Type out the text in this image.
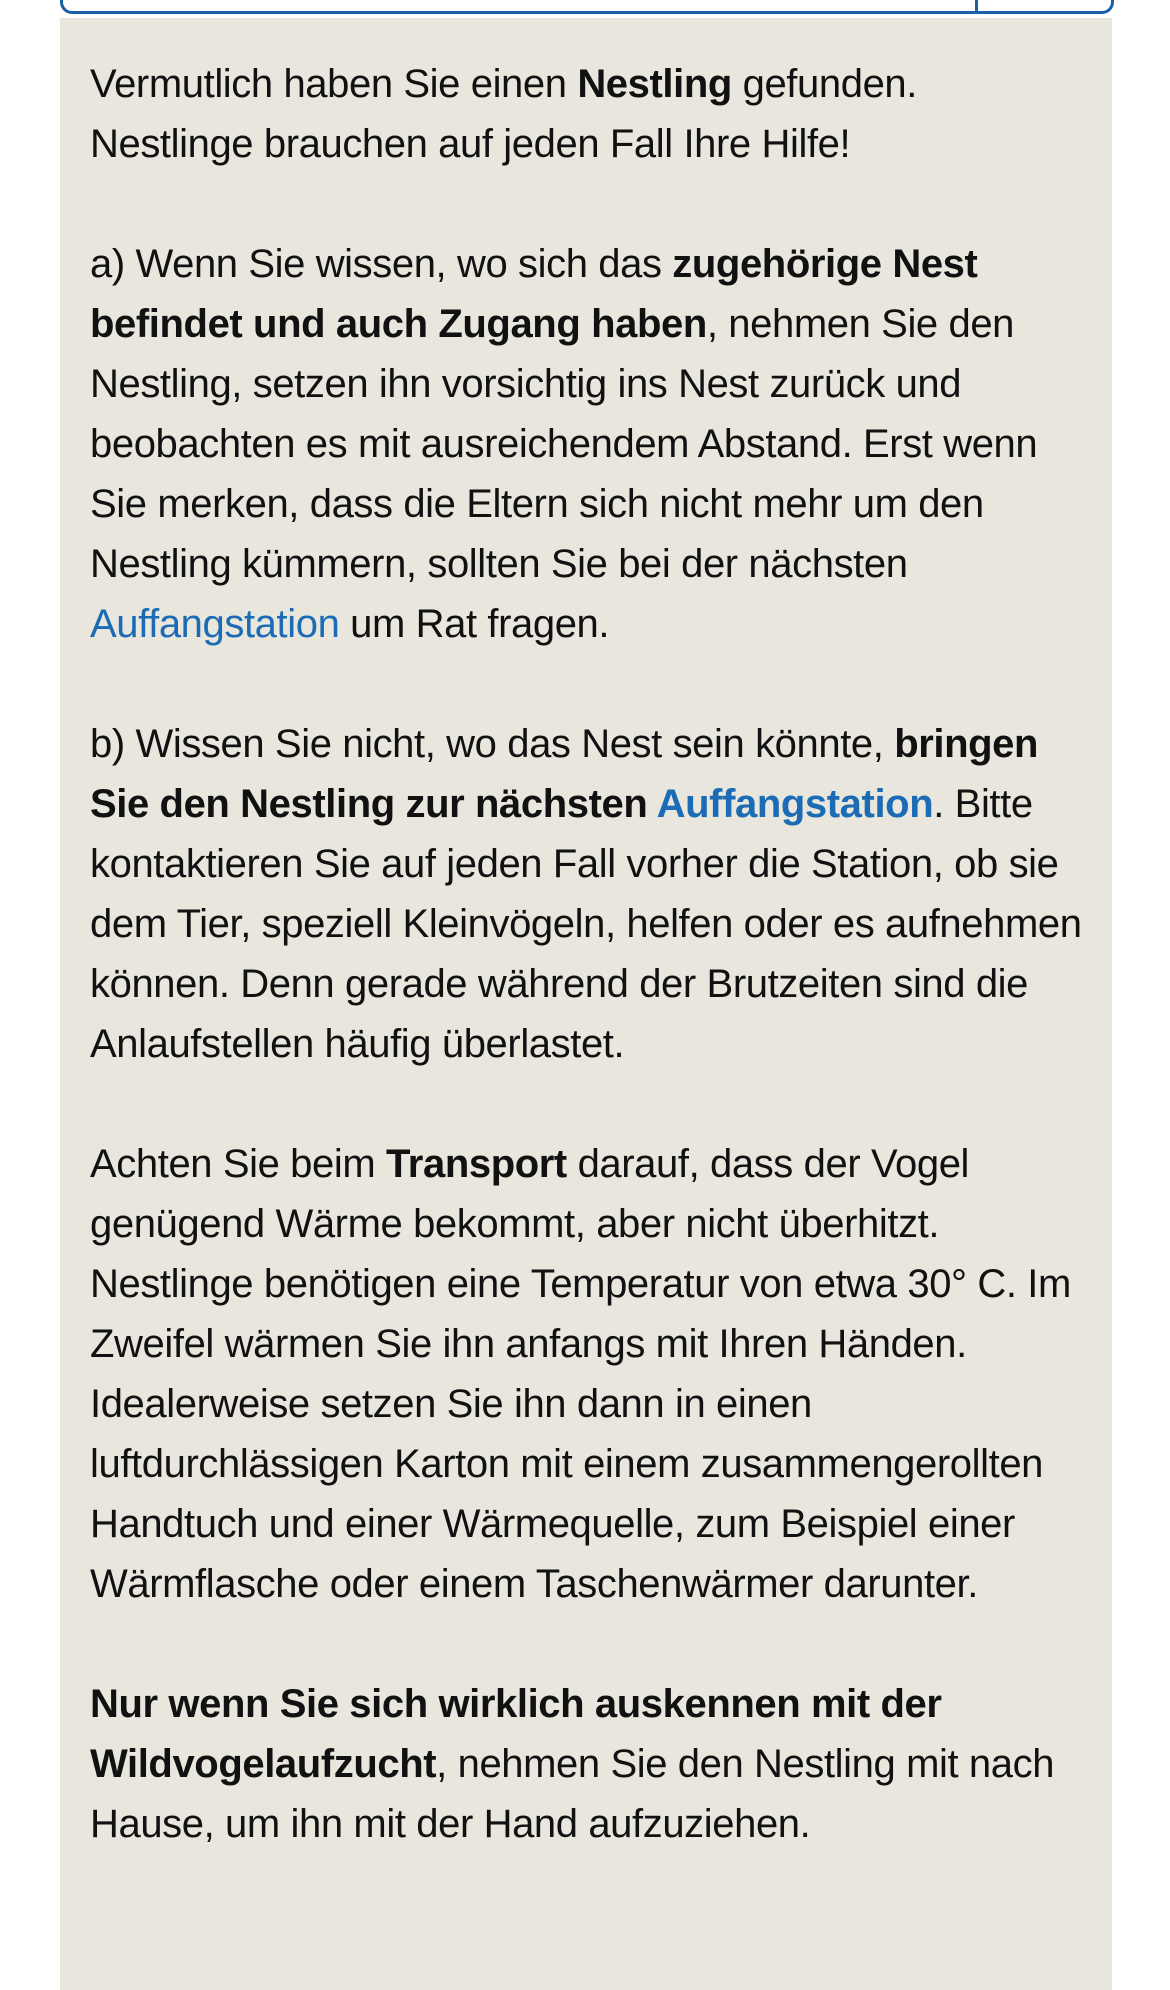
Vermutlich haben Sie einen Nestling gefunden. Nestlinge brauchen auf jeden Fall Ihre Hilfe!

a) Wenn Sie wissen, wo sich das zugehörige Nest befindet und auch Zugang haben, nehmen Sie den Nestling, setzen ihn vorsichtig ins Nest zurück und beobachten es mit ausreichendem Abstand. Erst wenn Sie merken, dass die Eltern sich nicht mehr um den Nestling kümmern, sollten Sie bei der nächsten Auffangstation um Rat fragen.

b) Wissen Sie nicht, wo das Nest sein könnte, bringen Sie den Nestling zur nächsten Auffangstation. Bitte kontaktieren Sie auf jeden Fall vorher die Station, ob sie dem Tier, speziell Kleinvögeln, helfen oder es aufnehmen können. Denn gerade während der Brutzeiten sind die Anlaufstellen häufig überlastet.

Achten Sie beim Transport darauf, dass der Vogel genügend Wärme bekommt, aber nicht überhitzt. Nestlinge benötigen eine Temperatur von etwa 30° C. Im Zweifel wärmen Sie ihn anfangs mit Ihren Händen. Idealerweise setzen Sie ihn dann in einen luftdurchlässigen Karton mit einem zusammengerollten Handtuch und einer Wärmequelle, zum Beispiel einer Wärmflasche oder einem Taschenwärmer darunter.

Nur wenn Sie sich wirklich auskennen mit der Wildvogelaufzucht, nehmen Sie den Nestling mit nach Hause, um ihn mit der Hand aufzuziehen.
